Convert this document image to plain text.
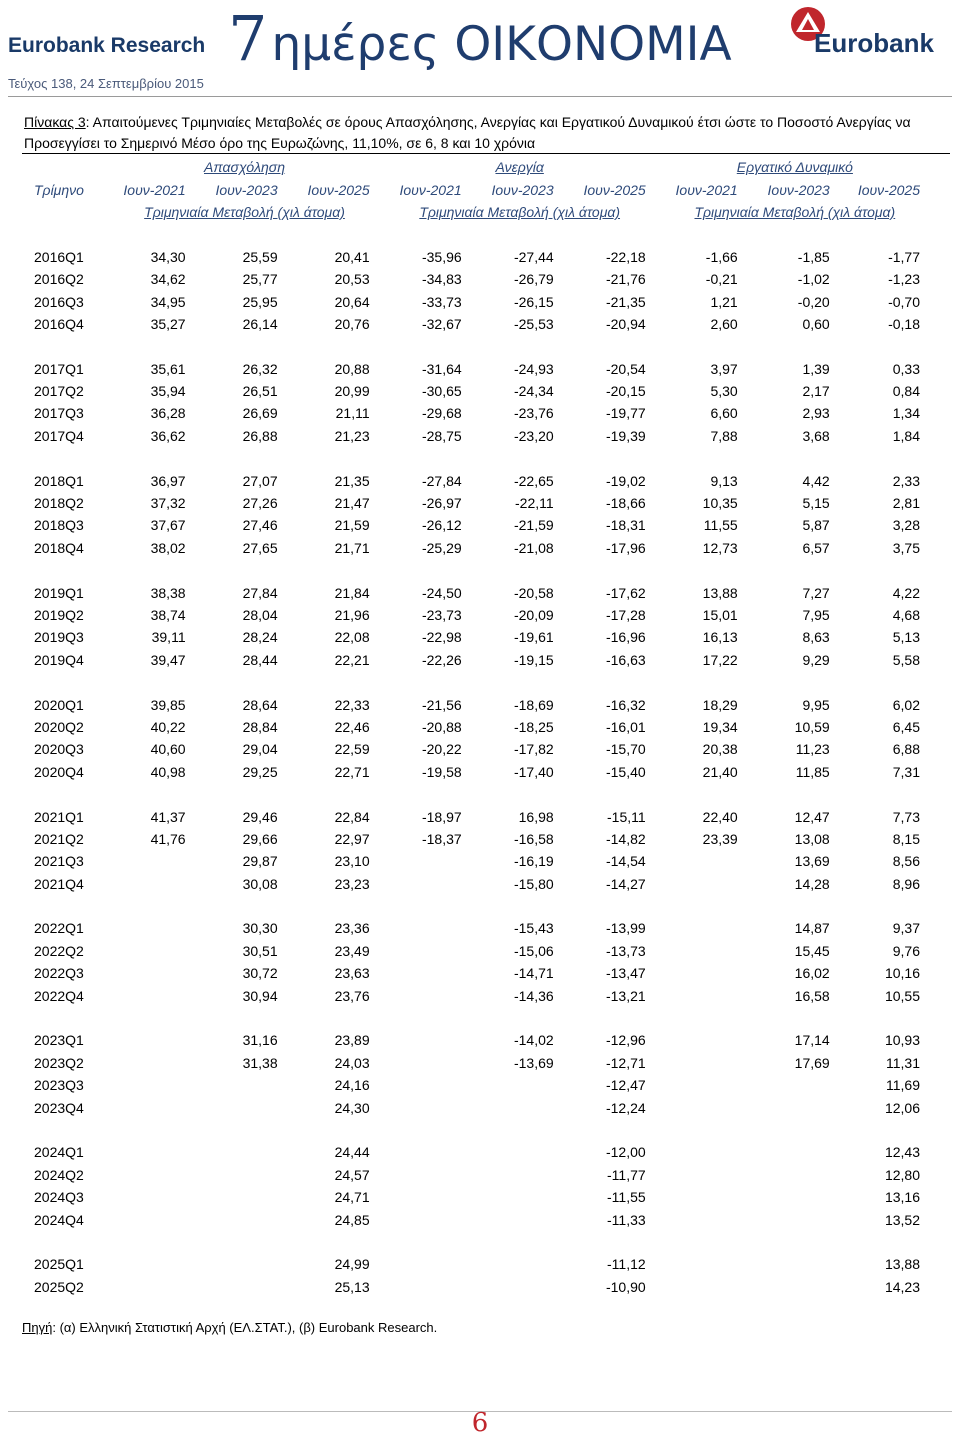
7ημέρες ΟΙΚΟΝΟΜΙΑ
Eurobank Research
Τεύχος 138, 24 Σεπτεμβρίου 2015
Eurobank
Πίνακας 3: Απαιτούμενες Τριμηνιαίες Μεταβολές σε όρους Απασχόλησης, Ανεργίας και Εργατικού Δυναμικού έτσι ώστε το Ποσοστό Ανεργίας να Προσεγγίσει το Σημερινό Μέσο όρο της Ευρωζώνης, 11,10%, σε 6, 8 και 10 χρόνια
	Απασχόληση			Ανεργία			Εργατικό Δυναμικό		
Τρίμηνο	Ιουν-2021	Ιουν-2023	Ιουν-2025	Ιουν-2021	Ιουν-2023	Ιουν-2025	Ιουν-2021	Ιουν-2023	Ιουν-2025
	Τριμηνιαία Μεταβολή (χιλ άτομα)			Τριμηνιαία Μεταβολή (χιλ άτομα)			Τριμηνιαία Μεταβολή (χιλ άτομα)		

2016Q1	34,30	25,59	20,41	-35,96	-27,44	-22,18	-1,66	-1,85	-1,77
2016Q2	34,62	25,77	20,53	-34,83	-26,79	-21,76	-0,21	-1,02	-1,23
2016Q3	34,95	25,95	20,64	-33,73	-26,15	-21,35	1,21	-0,20	-0,70
2016Q4	35,27	26,14	20,76	-32,67	-25,53	-20,94	2,60	0,60	-0,18

2017Q1	35,61	26,32	20,88	-31,64	-24,93	-20,54	3,97	1,39	0,33
2017Q2	35,94	26,51	20,99	-30,65	-24,34	-20,15	5,30	2,17	0,84
2017Q3	36,28	26,69	21,11	-29,68	-23,76	-19,77	6,60	2,93	1,34
2017Q4	36,62	26,88	21,23	-28,75	-23,20	-19,39	7,88	3,68	1,84

2018Q1	36,97	27,07	21,35	-27,84	-22,65	-19,02	9,13	4,42	2,33
2018Q2	37,32	27,26	21,47	-26,97	-22,11	-18,66	10,35	5,15	2,81
2018Q3	37,67	27,46	21,59	-26,12	-21,59	-18,31	11,55	5,87	3,28
2018Q4	38,02	27,65	21,71	-25,29	-21,08	-17,96	12,73	6,57	3,75

2019Q1	38,38	27,84	21,84	-24,50	-20,58	-17,62	13,88	7,27	4,22
2019Q2	38,74	28,04	21,96	-23,73	-20,09	-17,28	15,01	7,95	4,68
2019Q3	39,11	28,24	22,08	-22,98	-19,61	-16,96	16,13	8,63	5,13
2019Q4	39,47	28,44	22,21	-22,26	-19,15	-16,63	17,22	9,29	5,58

2020Q1	39,85	28,64	22,33	-21,56	-18,69	-16,32	18,29	9,95	6,02
2020Q2	40,22	28,84	22,46	-20,88	-18,25	-16,01	19,34	10,59	6,45
2020Q3	40,60	29,04	22,59	-20,22	-17,82	-15,70	20,38	11,23	6,88
2020Q4	40,98	29,25	22,71	-19,58	-17,40	-15,40	21,40	11,85	7,31

2021Q1	41,37	29,46	22,84	-18,97	16,98	-15,11	22,40	12,47	7,73
2021Q2	41,76	29,66	22,97	-18,37	-16,58	-14,82	23,39	13,08	8,15
2021Q3		29,87	23,10		-16,19	-14,54		13,69	8,56
2021Q4		30,08	23,23		-15,80	-14,27		14,28	8,96

2022Q1		30,30	23,36		-15,43	-13,99		14,87	9,37
2022Q2		30,51	23,49		-15,06	-13,73		15,45	9,76
2022Q3		30,72	23,63		-14,71	-13,47		16,02	10,16
2022Q4		30,94	23,76		-14,36	-13,21		16,58	10,55

2023Q1		31,16	23,89		-14,02	-12,96		17,14	10,93
2023Q2		31,38	24,03		-13,69	-12,71		17,69	11,31
2023Q3			24,16			-12,47			11,69
2023Q4			24,30			-12,24			12,06

2024Q1			24,44			-12,00			12,43
2024Q2			24,57			-11,77			12,80
2024Q3			24,71			-11,55			13,16
2024Q4			24,85			-11,33			13,52

2025Q1			24,99			-11,12			13,88
2025Q2			25,13			-10,90			14,23
Πηγή: (α) Ελληνική Στατιστική Αρχή (ΕΛ.ΣΤΑΤ.), (β) Eurobank Research.
6
